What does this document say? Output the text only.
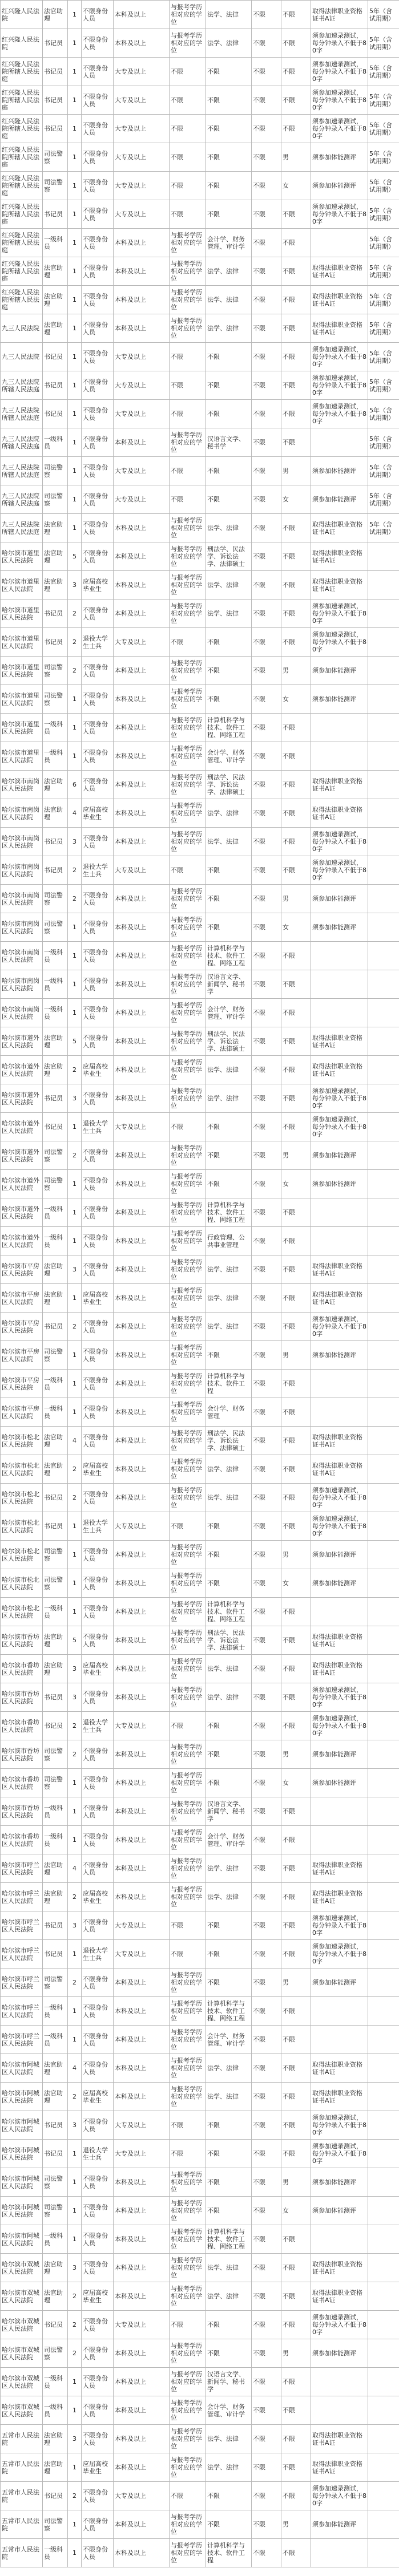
红兴隆人民法院	法官助理	1	不限身份人员	本科及以上	与报考学历相对应的学位	法学、法律	不限	不限	取得法律职业资格证书A证	5年（含试用期）
红兴隆人民法院	书记员	1	不限身份人员	本科及以上	与报考学历相对应的学位	法学、法律	不限	不限	须参加速录测试，每分钟录入不低于80字	5年（含试用期）
红兴隆人民法院所辖人民法庭	书记员	1	不限身份人员	大专及以上	不限	不限	不限	不限	须参加速录测试，每分钟录入不低于80字	5年（含试用期）
红兴隆人民法院所辖人民法庭	书记员	1	不限身份人员	大专及以上	不限	不限	不限	不限	须参加速录测试，每分钟录入不低于80字	5年（含试用期）
红兴隆人民法院所辖人民法庭	书记员	1	不限身份人员	大专及以上	不限	不限	不限	不限	须参加速录测试，每分钟录入不低于80字	5年（含试用期）
红兴隆人民法院所辖人民法庭	司法警察	1	不限身份人员	大专及以上	不限	不限	不限	男	须参加体能测评	5年（含试用期）
红兴隆人民法院所辖人民法庭	司法警察	1	不限身份人员	大专及以上	不限	不限	不限	女	须参加体能测评	5年（含试用期）
红兴隆人民法院所辖人民法庭	书记员	1	不限身份人员	大专及以上	不限	不限	不限	不限	须参加速录测试，每分钟录入不低于80字	5年（含试用期）
红兴隆人民法院所辖人民法庭	一级科员	1	不限身份人员	本科及以上	与报考学历相对应的学位	会计学、财务管理、审计学	不限	不限		5年（含试用期）
红兴隆人民法院所辖人民法庭	法官助理	1	不限身份人员	本科及以上	与报考学历相对应的学位	法学、法律	不限	不限	取得法律职业资格证书A证	5年（含试用期）
红兴隆人民法院所辖人民法庭	法官助理	1	不限身份人员	本科及以上	与报考学历相对应的学位	法学、法律	不限	不限	取得法律职业资格证书A证	5年（含试用期）
九三人民法院	法官助理	1	不限身份人员	本科及以上	与报考学历相对应的学位	法学、法律	不限	不限	取得法律职业资格证书A证	5年（含试用期）
九三人民法院	书记员	1	不限身份人员	大专及以上	不限	不限	不限	不限	须参加速录测试，每分钟录入不低于80字	5年（含试用期）
九三人民法院所辖人民法庭	书记员	1	不限身份人员	大专及以上	不限	不限	不限	不限	须参加速录测试，每分钟录入不低于80字	5年（含试用期）
九三人民法院所辖人民法庭	书记员	1	不限身份人员	大专及以上	不限	不限	不限	不限	须参加速录测试，每分钟录入不低于80字	5年（含试用期）
九三人民法院所辖人民法庭	一级科员	1	不限身份人员	本科及以上	与报考学历相对应的学位	汉语言文学、秘书学	不限	不限		5年（含试用期）
九三人民法院所辖人民法庭	司法警察	1	不限身份人员	大专及以上	不限	不限	不限	男	须参加体能测评	5年（含试用期）
九三人民法院所辖人民法庭	司法警察	1	不限身份人员	大专及以上	不限	不限	不限	女	须参加体能测评	5年（含试用期）
九三人民法院所辖人民法庭	法官助理	1	不限身份人员	本科及以上	与报考学历相对应的学位	法学、法律	不限	不限	取得法律职业资格证书A证	5年（含试用期）
哈尔滨市道里区人民法院	法官助理	5	不限身份人员	本科及以上	与报考学历相对应的学位	刑法学、民法学、诉讼法学、法律硕士	不限	不限	取得法律职业资格证书A证	
哈尔滨市道里区人民法院	法官助理	3	应届高校毕业生	本科及以上	与报考学历相对应的学位	法学、法律	不限	不限	取得法律职业资格证书A证	
哈尔滨市道里区人民法院	书记员	2	不限身份人员	本科及以上	与报考学历相对应的学位	法学、法律	不限	不限	须参加速录测试，每分钟录入不低于80字	
哈尔滨市道里区人民法院	书记员	2	退役大学生士兵	大专及以上	不限	不限	不限	不限	须参加速录测试，每分钟录入不低于80字	
哈尔滨市道里区人民法院	司法警察	2	不限身份人员	本科及以上	与报考学历相对应的学位	不限	不限	男	须参加体能测评	
哈尔滨市道里区人民法院	司法警察	1	不限身份人员	本科及以上	与报考学历相对应的学位	不限	不限	女	须参加体能测评	
哈尔滨市道里区人民法院	一级科员	1	不限身份人员	本科及以上	与报考学历相对应的学位	计算机科学与技术、软件工程、网络工程	不限	不限		
哈尔滨市道里区人民法院	一级科员	1	不限身份人员	本科及以上	与报考学历相对应的学位	会计学、财务管理、审计学	不限	不限		
哈尔滨市南岗区人民法院	法官助理	6	不限身份人员	本科及以上	与报考学历相对应的学位	刑法学、民法学、诉讼法学、法律硕士	不限	不限	取得法律职业资格证书A证	
哈尔滨市南岗区人民法院	法官助理	4	应届高校毕业生	本科及以上	与报考学历相对应的学位	法学、法律	不限	不限	取得法律职业资格证书A证	
哈尔滨市南岗区人民法院	书记员	3	不限身份人员	本科及以上	与报考学历相对应的学位	法学、法律	不限	不限	须参加速录测试，每分钟录入不低于80字	
哈尔滨市南岗区人民法院	书记员	2	退役大学生士兵	大专及以上	不限	不限	不限	不限	须参加速录测试，每分钟录入不低于80字	
哈尔滨市南岗区人民法院	司法警察	2	不限身份人员	本科及以上	与报考学历相对应的学位	不限	不限	男	须参加体能测评	
哈尔滨市南岗区人民法院	司法警察	1	不限身份人员	本科及以上	与报考学历相对应的学位	不限	不限	女	须参加体能测评	
哈尔滨市南岗区人民法院	一级科员	1	不限身份人员	本科及以上	与报考学历相对应的学位	计算机科学与技术、软件工程、网络工程	不限	不限		
哈尔滨市南岗区人民法院	一级科员	1	不限身份人员	本科及以上	与报考学历相对应的学位	汉语言文学、新闻学、秘书学	不限	不限		
哈尔滨市南岗区人民法院	一级科员	1	不限身份人员	本科及以上	与报考学历相对应的学位	会计学、财务管理、审计学	不限	不限		
哈尔滨市道外区人民法院	法官助理	5	不限身份人员	本科及以上	与报考学历相对应的学位	刑法学、民法学、诉讼法学、法律硕士	不限	不限	取得法律职业资格证书A证	
哈尔滨市道外区人民法院	法官助理	2	应届高校毕业生	本科及以上	与报考学历相对应的学位	法学、法律	不限	不限	取得法律职业资格证书A证	
哈尔滨市道外区人民法院	书记员	3	不限身份人员	本科及以上	与报考学历相对应的学位	法学、法律	不限	不限	须参加速录测试，每分钟录入不低于80字	
哈尔滨市道外区人民法院	书记员	1	退役大学生士兵	大专及以上	不限	不限	不限	不限	须参加速录测试，每分钟录入不低于80字	
哈尔滨市道外区人民法院	司法警察	2	不限身份人员	本科及以上	与报考学历相对应的学位	不限	不限	男	须参加体能测评	
哈尔滨市道外区人民法院	司法警察	1	不限身份人员	本科及以上	与报考学历相对应的学位	不限	不限	女	须参加体能测评	
哈尔滨市道外区人民法院	一级科员	1	不限身份人员	本科及以上	与报考学历相对应的学位	计算机科学与技术、软件工程、网络工程	不限	不限		
哈尔滨市道外区人民法院	一级科员	1	不限身份人员	本科及以上	与报考学历相对应的学位	行政管理、公共事业管理	不限	不限		
哈尔滨市平房区人民法院	法官助理	3	不限身份人员	本科及以上	与报考学历相对应的学位	法学、法律	不限	不限	取得法律职业资格证书A证	
哈尔滨市平房区人民法院	法官助理	1	应届高校毕业生	本科及以上	与报考学历相对应的学位	法学、法律	不限	不限	取得法律职业资格证书A证	
哈尔滨市平房区人民法院	书记员	2	不限身份人员	本科及以上	与报考学历相对应的学位	法学、法律	不限	不限	须参加速录测试，每分钟录入不低于80字	
哈尔滨市平房区人民法院	司法警察	1	不限身份人员	本科及以上	与报考学历相对应的学位	不限	不限	男	须参加体能测评	
哈尔滨市平房区人民法院	一级科员	1	不限身份人员	本科及以上	与报考学历相对应的学位	计算机科学与技术、软件工程	不限	不限		
哈尔滨市平房区人民法院	一级科员	1	不限身份人员	本科及以上	与报考学历相对应的学位	会计学、财务管理	不限	不限		
哈尔滨市松北区人民法院	法官助理	4	不限身份人员	本科及以上	与报考学历相对应的学位	刑法学、民法学、诉讼法学、法律硕士	不限	不限	取得法律职业资格证书A证	
哈尔滨市松北区人民法院	法官助理	2	应届高校毕业生	本科及以上	与报考学历相对应的学位	法学、法律	不限	不限	取得法律职业资格证书A证	
哈尔滨市松北区人民法院	书记员	2	不限身份人员	本科及以上	与报考学历相对应的学位	法学、法律	不限	不限	须参加速录测试，每分钟录入不低于80字	
哈尔滨市松北区人民法院	书记员	1	退役大学生士兵	大专及以上	不限	不限	不限	不限	须参加速录测试，每分钟录入不低于80字	
哈尔滨市松北区人民法院	司法警察	1	不限身份人员	本科及以上	与报考学历相对应的学位	不限	不限	男	须参加体能测评	
哈尔滨市松北区人民法院	司法警察	1	不限身份人员	本科及以上	与报考学历相对应的学位	不限	不限	女	须参加体能测评	
哈尔滨市松北区人民法院	一级科员	1	不限身份人员	本科及以上	与报考学历相对应的学位	计算机科学与技术、软件工程、网络工程	不限	不限		
哈尔滨市香坊区人民法院	法官助理	5	不限身份人员	本科及以上	与报考学历相对应的学位	刑法学、民法学、诉讼法学、法律硕士	不限	不限	取得法律职业资格证书A证	
哈尔滨市香坊区人民法院	法官助理	3	应届高校毕业生	本科及以上	与报考学历相对应的学位	法学、法律	不限	不限	取得法律职业资格证书A证	
哈尔滨市香坊区人民法院	书记员	3	不限身份人员	本科及以上	与报考学历相对应的学位	法学、法律	不限	不限	须参加速录测试，每分钟录入不低于80字	
哈尔滨市香坊区人民法院	书记员	2	退役大学生士兵	大专及以上	不限	不限	不限	不限	须参加速录测试，每分钟录入不低于80字	
哈尔滨市香坊区人民法院	司法警察	2	不限身份人员	本科及以上	与报考学历相对应的学位	不限	不限	男	须参加体能测评	
哈尔滨市香坊区人民法院	司法警察	1	不限身份人员	本科及以上	与报考学历相对应的学位	不限	不限	女	须参加体能测评	
哈尔滨市香坊区人民法院	一级科员	1	不限身份人员	本科及以上	与报考学历相对应的学位	汉语言文学、新闻学、秘书学	不限	不限		
哈尔滨市香坊区人民法院	一级科员	1	不限身份人员	本科及以上	与报考学历相对应的学位	会计学、财务管理、审计学	不限	不限		
哈尔滨市呼兰区人民法院	法官助理	4	不限身份人员	本科及以上	与报考学历相对应的学位	法学、法律	不限	不限	取得法律职业资格证书A证	
哈尔滨市呼兰区人民法院	法官助理	2	应届高校毕业生	本科及以上	与报考学历相对应的学位	法学、法律	不限	不限	取得法律职业资格证书A证	
哈尔滨市呼兰区人民法院	书记员	3	不限身份人员	大专及以上	不限	不限	不限	不限	须参加速录测试，每分钟录入不低于80字	
哈尔滨市呼兰区人民法院	书记员	1	退役大学生士兵	大专及以上	不限	不限	不限	不限	须参加速录测试，每分钟录入不低于80字	
哈尔滨市呼兰区人民法院	司法警察	2	不限身份人员	本科及以上	与报考学历相对应的学位	不限	不限	男	须参加体能测评	
哈尔滨市呼兰区人民法院	一级科员	1	不限身份人员	本科及以上	与报考学历相对应的学位	计算机科学与技术、软件工程、网络工程	不限	不限		
哈尔滨市呼兰区人民法院	一级科员	1	不限身份人员	本科及以上	与报考学历相对应的学位	会计学、财务管理、审计学	不限	不限		
哈尔滨市阿城区人民法院	法官助理	4	不限身份人员	本科及以上	与报考学历相对应的学位	法学、法律	不限	不限	取得法律职业资格证书A证	
哈尔滨市阿城区人民法院	法官助理	2	应届高校毕业生	本科及以上	与报考学历相对应的学位	法学、法律	不限	不限	取得法律职业资格证书A证	
哈尔滨市阿城区人民法院	书记员	3	不限身份人员	大专及以上	不限	不限	不限	不限	须参加速录测试，每分钟录入不低于80字	
哈尔滨市阿城区人民法院	书记员	1	退役大学生士兵	大专及以上	不限	不限	不限	不限	须参加速录测试，每分钟录入不低于80字	
哈尔滨市阿城区人民法院	司法警察	1	不限身份人员	本科及以上	与报考学历相对应的学位	不限	不限	男	须参加体能测评	
哈尔滨市阿城区人民法院	司法警察	1	不限身份人员	本科及以上	与报考学历相对应的学位	不限	不限	女	须参加体能测评	
哈尔滨市阿城区人民法院	一级科员	1	不限身份人员	本科及以上	与报考学历相对应的学位	计算机科学与技术、软件工程、网络工程	不限	不限		
哈尔滨市双城区人民法院	法官助理	3	不限身份人员	本科及以上	与报考学历相对应的学位	法学、法律	不限	不限	取得法律职业资格证书A证	
哈尔滨市双城区人民法院	法官助理	2	应届高校毕业生	本科及以上	与报考学历相对应的学位	法学、法律	不限	不限	取得法律职业资格证书A证	
哈尔滨市双城区人民法院	书记员	2	不限身份人员	大专及以上	不限	不限	不限	不限	须参加速录测试，每分钟录入不低于80字	
哈尔滨市双城区人民法院	司法警察	2	不限身份人员	本科及以上	与报考学历相对应的学位	不限	不限	男	须参加体能测评	
哈尔滨市双城区人民法院	一级科员	1	不限身份人员	本科及以上	与报考学历相对应的学位	汉语言文学、新闻学、秘书学	不限	不限		
哈尔滨市双城区人民法院	一级科员	1	不限身份人员	本科及以上	与报考学历相对应的学位	会计学、财务管理、审计学	不限	不限		
五常市人民法院	法官助理	3	不限身份人员	本科及以上	与报考学历相对应的学位	法学、法律	不限	不限	取得法律职业资格证书A证	
五常市人民法院	法官助理	1	应届高校毕业生	本科及以上	与报考学历相对应的学位	法学、法律	不限	不限	取得法律职业资格证书A证	
五常市人民法院	书记员	2	不限身份人员	大专及以上	不限	不限	不限	不限	须参加速录测试，每分钟录入不低于80字	
五常市人民法院	司法警察	1	不限身份人员	本科及以上	与报考学历相对应的学位	不限	不限	男	须参加体能测评	
五常市人民法院	一级科员	1	不限身份人员	本科及以上	与报考学历相对应的学位	计算机科学与技术、软件工程	不限	不限		
